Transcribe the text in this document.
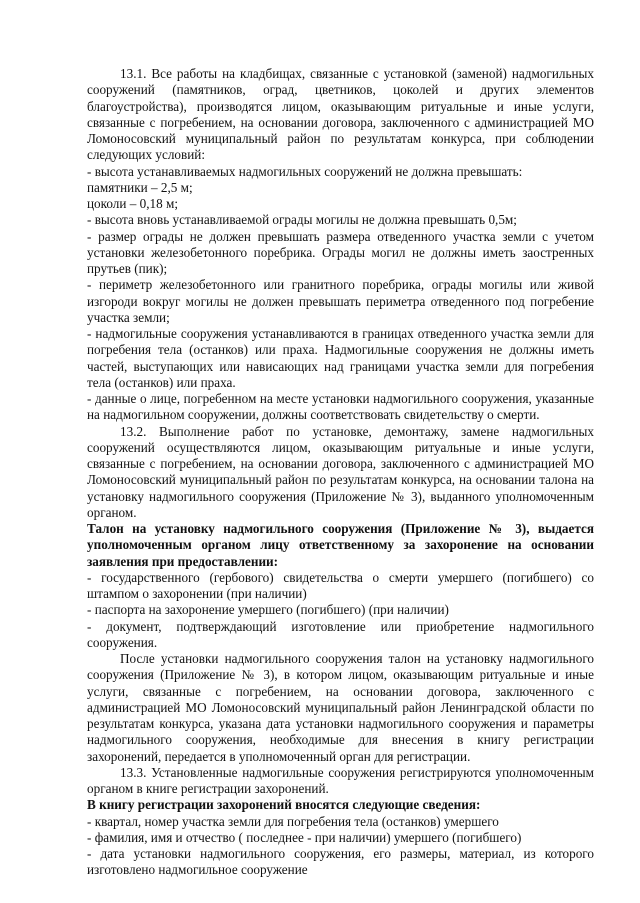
13.1. Все работы на кладбищах, связанные с установкой (заменой) надмогильных сооружений (памятников, оград, цветников, цоколей и других элементов благоустройства), производятся лицом, оказывающим ритуальные и иные услуги, связанные с погребением, на основании договора, заключенного с администрацией МО Ломоносовский муниципальный район по результатам конкурса, при соблюдении следующих условий:

- высота устанавливаемых надмогильных сооружений не должна превышать:

памятники – 2,5 м;

цоколи – 0,18 м;

- высота вновь устанавливаемой ограды могилы не должна превышать 0,5м;

- размер ограды не должен превышать размера отведенного участка земли с учетом установки железобетонного поребрика. Ограды могил не должны иметь заостренных прутьев (пик);

- периметр железобетонного или гранитного поребрика, ограды могилы или живой изгороди вокруг могилы не должен превышать периметра отведенного под погребение участка земли;

- надмогильные сооружения устанавливаются в границах отведенного участка земли для погребения тела (останков) или праха. Надмогильные сооружения не должны иметь частей, выступающих или нависающих над границами участка земли для погребения тела (останков) или праха.

- данные о лице, погребенном на месте установки надмогильного сооружения, указанные на надмогильном сооружении, должны соответствовать свидетельству о смерти.

13.2. Выполнение работ по установке, демонтажу, замене надмогильных сооружений осуществляются лицом, оказывающим ритуальные и иные услуги, связанные с погребением, на основании договора, заключенного с администрацией МО Ломоносовский муниципальный район по результатам конкурса, на основании талона на установку надмогильного сооружения (Приложение № 3), выданного уполномоченным органом.

Талон на установку надмогильного сооружения (Приложение № 3), выдается уполномоченным органом лицу ответственному за захоронение на основании заявления при предоставлении:

- государственного (гербового) свидетельства о смерти умершего (погибшего) со штампом о захоронении (при наличии)

- паспорта на захоронение умершего (погибшего) (при наличии)

- документ, подтверждающий изготовление или приобретение надмогильного сооружения.

После установки надмогильного сооружения талон на установку надмогильного сооружения (Приложение № 3), в котором лицом, оказывающим ритуальные и иные услуги, связанные с погребением, на основании договора, заключенного с администрацией МО Ломоносовский муниципальный район Ленинградской области по результатам конкурса, указана дата установки надмогильного сооружения и параметры надмогильного сооружения, необходимые для внесения в книгу регистрации захоронений, передается в уполномоченный орган для регистрации.

13.3. Установленные надмогильные сооружения регистрируются уполномоченным органом в книге регистрации захоронений.

В книгу регистрации захоронений вносятся следующие сведения:

- квартал, номер участка земли для погребения тела (останков) умершего

- фамилия, имя и отчество ( последнее - при наличии) умершего (погибшего)

- дата установки надмогильного сооружения, его размеры, материал, из которого изготовлено надмогильное сооружение
